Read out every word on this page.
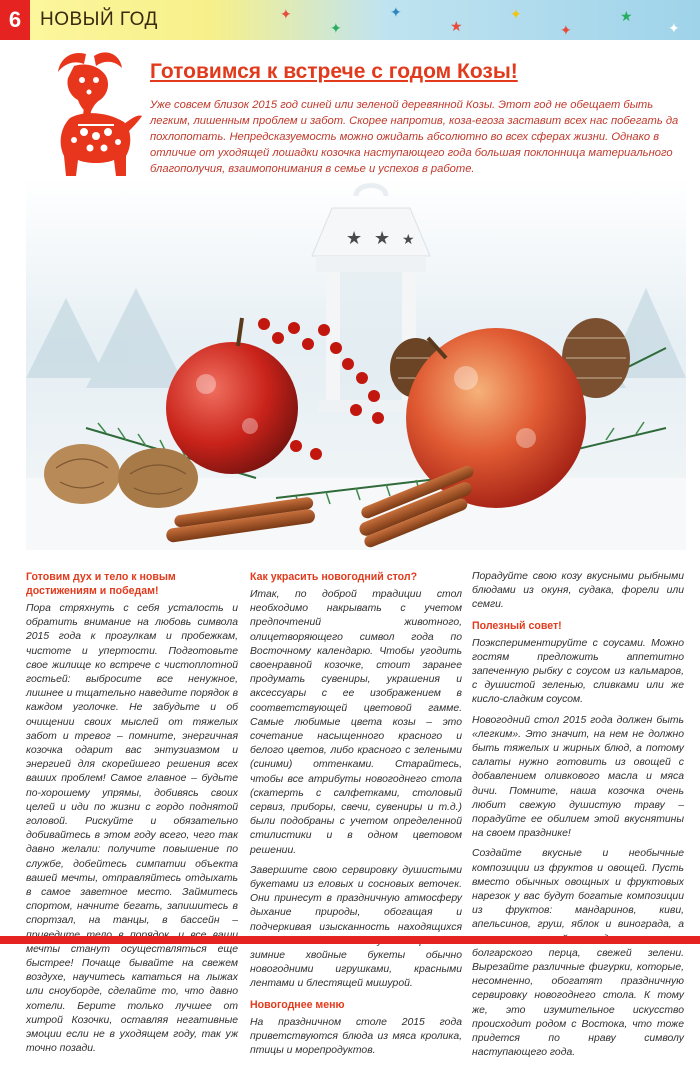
6 НОВЫЙ ГОД	✦
✦
✦
★
✦
✦
★
✦
Готовимся к встрече с годом Козы!

Уже совсем близок 2015 год синей или зеленой деревянной Козы. Этот год не обещает быть легким, лишенным проблем и забот. Скорее напротив, коза-егоза заставит всех нас побегать да похлопотать. Непредсказуемость можно ожидать абсолютно во всех сферах жизни. Однако в отличие от уходящей лошадки козочка наступающего года большая поклонница материального благополучия, взаимопонимания в семье и успехов в работе.

★ ★ ★
Готовим дух и тело к новым достижениям и победам!

Пора стряхнуть с себя усталость и обратить внимание на любовь символа 2015 года к прогулкам и пробежкам, чистоте и упертости. Подготовьте свое жилище ко встрече с чистоплотной гостьей: выбросите все ненужное, лишнее и тщательно наведите порядок в каждом уголочке. Не забудьте и об очищении своих мыслей от тяжелых забот и тревог – помните, энергичная козочка одарит вас энтузиазмом и энергией для скорейшего решения всех ваших проблем! Самое главное – будьте по-хорошему упрямы, добивясь своих целей и иди по жизни с гордо поднятой головой. Рискуйте и обязательно добивайтесь в этом году всего, чего так давно желали: получите повышение по службе, добейтесь симпатии объекта вашей мечты, отправляйтесь отдыхать в самое заветное место. Займитесь спортом, начните бегать, запишитесь в спортзал, на танцы, в бассейн – мечты станут осуществляться еще быстрее! Почаще бывайте на свежем воздухе, научитесь кататься на лыжах или сноуборде, сделайте то, что давно хотели. Берите только лучшее от хитрой Козочки, оставляя негативные эмоции если не в уходящем году, так уж точно позади.

Как украсить новогодний стол?

Итак, по доброй традиции стол необходимо накрывать с учетом предпочтений животного, олицетворяющего символ года по Восточному календарю. Чтобы угодить своенравной козочке, стоит заранее продумать сувениры, украшения и аксессуары с ее изображением в соответствующей цветовой гамме. Самые любимые цвета козы – это сочетание насыщенного красного и белого цветов, либо красного с зелеными (синими) оттенками. Старайтесь, чтобы все атрибуты новогоднего стола (скатерть с салфетками, столовый сервиз, приборы, свечи, сувениры и т.д.) были подобраны с учетом определенной стилистики и в одном цветовом решении.

Завершите свою сервировку душистыми букетами из еловых и сосновых веточек. Они принесут в праздничную атмосферу дыхание природы, обогащая и подчеркивая изысканность находящихся зимние хвойные букеты обычно новогодними игрушками, красными лентами и блестящей мишурой.

Новогоднее меню

На праздничном столе 2015 года приветствуются блюда из мяса кролика, птицы и морепродуктов.

Порадуйте свою козу вкусными рыбными блюдами из окуня, судака, форели или семги.

Полезный совет!

Поэкспериментируйте с соусами. Можно гостям предложить аппетитно запеченную рыбку с соусом из кальмаров, с душистой зеленью, сливками или же кисло-сладким соусом.

Новогодний стол 2015 года должен быть «легким». Это значит, на нем не должно быть тяжелых и жирных блюд, а потому салаты нужно готовить из овощей с добавлением оливкового масла и мяса дичи. Помните, наша козочка очень любит свежую душистую траву – порадуйте ее обилием этой вкуснятины на своем празднике!

Создайте вкусные и необычные композиции из фруктов и овощей. Пусть вместо обычных овощных и фруктовых нарезок у вас будут богатые композиции из фруктов: мандаринов, киви, апельсинов, груш, яблок и винограда, а болгарского перца, свежей зелени. Вырезайте различные фигурки, которые, несомненно, обогатят праздничную сервировку новогоднего стола. К тому же, это изумительное искусство происходит родом с Востока, что тоже придется по нраву символу наступающего года.
